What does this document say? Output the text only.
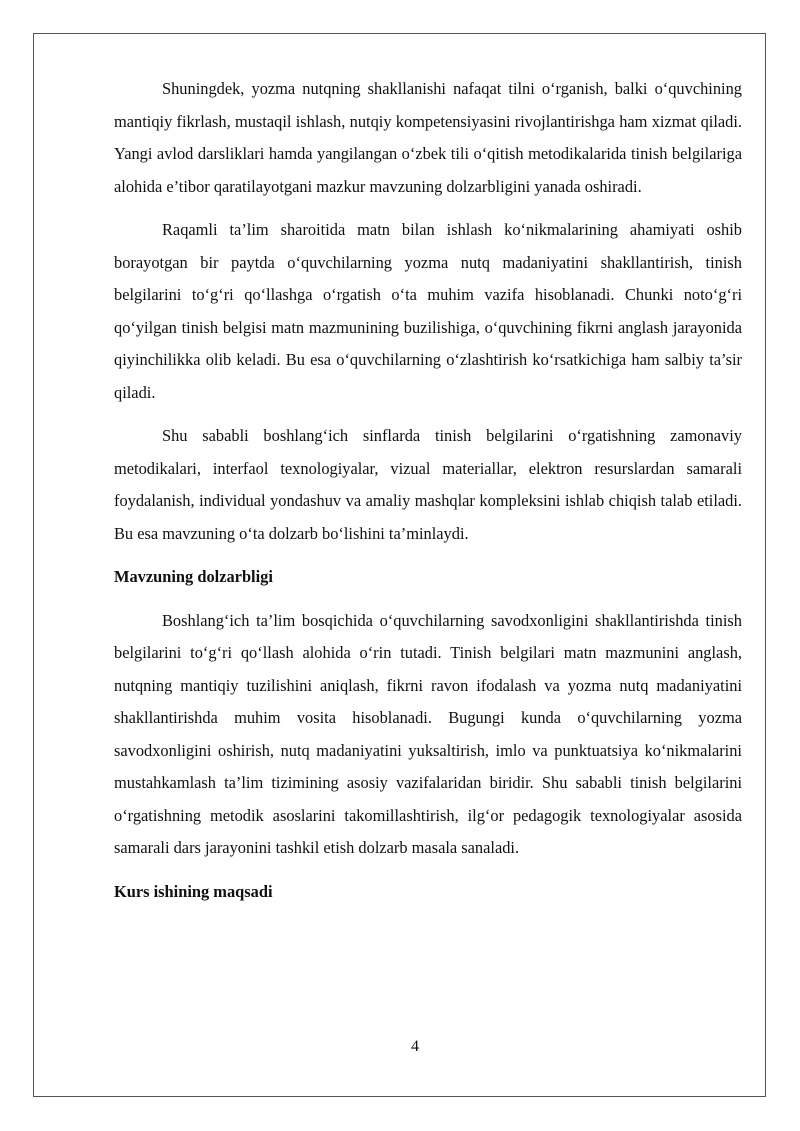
Shuningdek, yozma nutqning shakllanishi nafaqat tilni o‘rganish, balki o‘quvchining mantiqiy fikrlash, mustaqil ishlash, nutqiy kompetensiyasini rivojlantirishga ham xizmat qiladi. Yangi avlod darsliklari hamda yangilangan o‘zbek tili o‘qitish metodikalarida tinish belgilariga alohida e’tibor qaratilayotgani mazkur mavzuning dolzarbligini yanada oshiradi.

Raqamli ta’lim sharoitida matn bilan ishlash ko‘nikmalarining ahamiyati oshib borayotgan bir paytda o‘quvchilarning yozma nutq madaniyatini shakllantirish, tinish belgilarini to‘g‘ri qo‘llashga o‘rgatish o‘ta muhim vazifa hisoblanadi. Chunki noto‘g‘ri qo‘yilgan tinish belgisi matn mazmunining buzilishiga, o‘quvchining fikrni anglash jarayonida qiyinchilikka olib keladi. Bu esa o‘quvchilarning o‘zlashtirish ko‘rsatkichiga ham salbiy ta’sir qiladi.

Shu sababli boshlang‘ich sinflarda tinish belgilarini o‘rgatishning zamonaviy metodikalari, interfaol texnologiyalar, vizual materiallar, elektron resurslardan samarali foydalanish, individual yondashuv va amaliy mashqlar kompleksini ishlab chiqish talab etiladi. Bu esa mavzuning o‘ta dolzarb bo‘lishini ta’minlaydi.

Mavzuning dolzarbligi

Boshlang‘ich ta’lim bosqichida o‘quvchilarning savodxonligini shakllantirishda tinish belgilarini to‘g‘ri qo‘llash alohida o‘rin tutadi. Tinish belgilari matn mazmunini anglash, nutqning mantiqiy tuzilishini aniqlash, fikrni ravon ifodalash va yozma nutq madaniyatini shakllantirishda muhim vosita hisoblanadi. Bugungi kunda o‘quvchilarning yozma savodxonligini oshirish, nutq madaniyatini yuksaltirish, imlo va punktuatsiya ko‘nikmalarini mustahkamlash ta’lim tizimining asosiy vazifalaridan biridir. Shu sababli tinish belgilarini o‘rgatishning metodik asoslarini takomillashtirish, ilg‘or pedagogik texnologiyalar asosida samarali dars jarayonini tashkil etish dolzarb masala sanaladi.

Kurs ishining maqsadi

4
